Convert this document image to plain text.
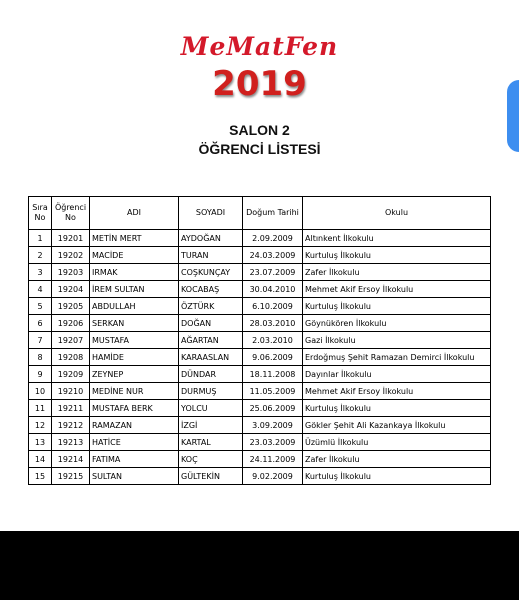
MeMatFen
2019
SALON 2
ÖĞRENCİ LİSTESİ
Sıra No	Öğrenci No	ADI	SOYADI	Doğum Tarihi	Okulu
1	19201	METİN MERT	AYDOĞAN	2.09.2009	Altınkent İlkokulu
2	19202	MACİDE	TURAN	24.03.2009	Kurtuluş İlkokulu
3	19203	IRMAK	COŞKUNÇAY	23.07.2009	Zafer İlkokulu
4	19204	İREM SULTAN	KOCABAŞ	30.04.2010	Mehmet Akif Ersoy İlkokulu
5	19205	ABDULLAH	ÖZTÜRK	6.10.2009	Kurtuluş İlkokulu
6	19206	SERKAN	DOĞAN	28.03.2010	Göynükören İlkokulu
7	19207	MUSTAFA	AĞARTAN	2.03.2010	Gazi İlkokulu
8	19208	HAMİDE	KARAASLAN	9.06.2009	Erdoğmuş Şehit Ramazan Demirci İlkokulu
9	19209	ZEYNEP	DÜNDAR	18.11.2008	Dayınlar İlkokulu
10	19210	MEDİNE NUR	DURMUŞ	11.05.2009	Mehmet Akif Ersoy İlkokulu
11	19211	MUSTAFA BERK	YOLCU	25.06.2009	Kurtuluş İlkokulu
12	19212	RAMAZAN	İZGİ	3.09.2009	Gökler Şehit Ali Kazankaya İlkokulu
13	19213	HATİCE	KARTAL	23.03.2009	Üzümlü İlkokulu
14	19214	FATIMA	KOÇ	24.11.2009	Zafer İlkokulu
15	19215	SULTAN	GÜLTEKİN	9.02.2009	Kurtuluş İlkokulu
